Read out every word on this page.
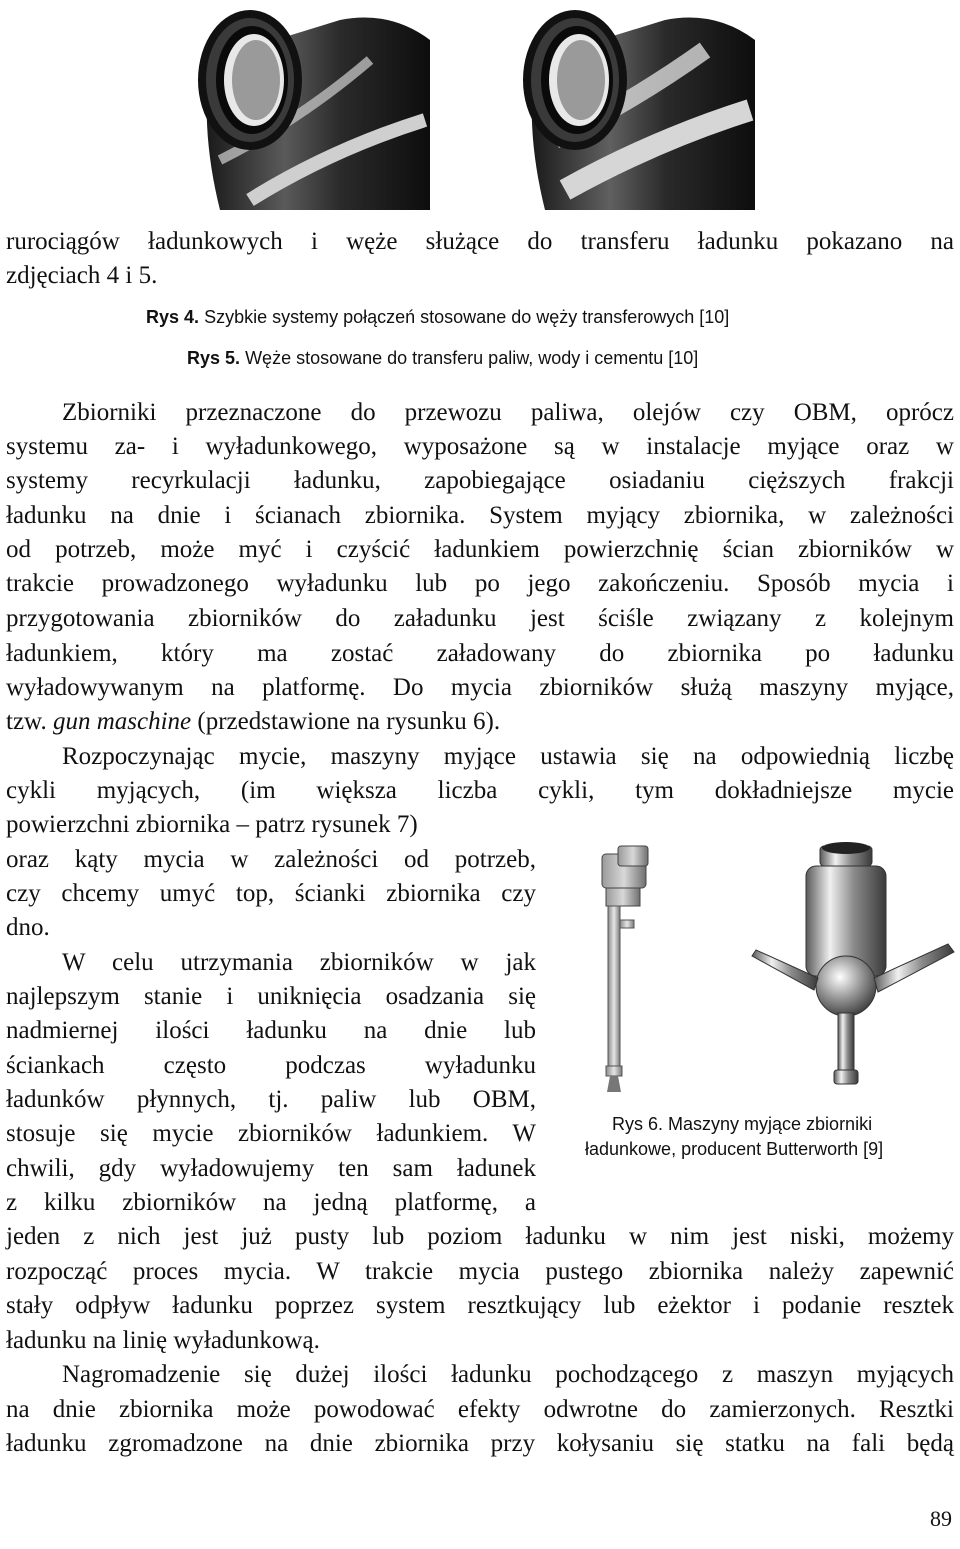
rurociągów ładunkowych i węże służące do transferu ładunku pokazano na
zdjęciach 4 i 5.
Rys 4. Szybkie systemy połączeń stosowane do węży transferowych [10]
Rys 5. Węże stosowane do transferu paliw, wody i cementu [10]
Zbiorniki przeznaczone do przewozu paliwa, olejów czy OBM, oprócz
systemu za- i wyładunkowego, wyposażone są w instalacje myjące oraz w
systemy recyrkulacji ładunku, zapobiegające osiadaniu cięższych frakcji
ładunku na dnie i ścianach zbiornika. System myjący zbiornika, w zależności
od potrzeb, może myć i czyścić ładunkiem powierzchnię ścian zbiorników w
trakcie prowadzonego wyładunku lub po jego zakończeniu. Sposób mycia i
przygotowania zbiorników do załadunku jest ściśle związany z kolejnym
ładunkiem, który ma zostać załadowany do zbiornika po ładunku
wyładowywanym na platformę. Do mycia zbiorników służą maszyny myjące,
tzw. gun maschine (przedstawione na rysunku 6).
Rozpoczynając mycie, maszyny myjące ustawia się na odpowiednią liczbę
cykli myjących, (im większa liczba cykli, tym dokładniejsze mycie
powierzchni zbiornika – patrz rysunek 7)
oraz kąty mycia w zależności od potrzeb,
czy chcemy umyć top, ścianki zbiornika czy
dno.
W celu utrzymania zbiorników w jak
najlepszym stanie i uniknięcia osadzania się
nadmiernej ilości ładunku na dnie lub
ściankach często podczas wyładunku
ładunków płynnych, tj. paliw lub OBM,
stosuje się mycie zbiorników ładunkiem. W
chwili, gdy wyładowujemy ten sam ładunek
z kilku zbiorników na jedną platformę, a
jeden z nich jest już pusty lub poziom ładunku w nim jest niski, możemy
rozpocząć proces mycia. W trakcie mycia pustego zbiornika należy zapewnić
stały odpływ ładunku poprzez system resztkujący lub eżektor i podanie resztek
ładunku na linię wyładunkową.
Nagromadzenie się dużej ilości ładunku pochodzącego z maszyn myjących
na dnie zbiornika może powodować efekty odwrotne do zamierzonych. Resztki
ładunku zgromadzone na dnie zbiornika przy kołysaniu się statku na fali będą
Rys 6. Maszyny myjące zbiorniki
ładunkowe, producent Butterworth [9]
89
